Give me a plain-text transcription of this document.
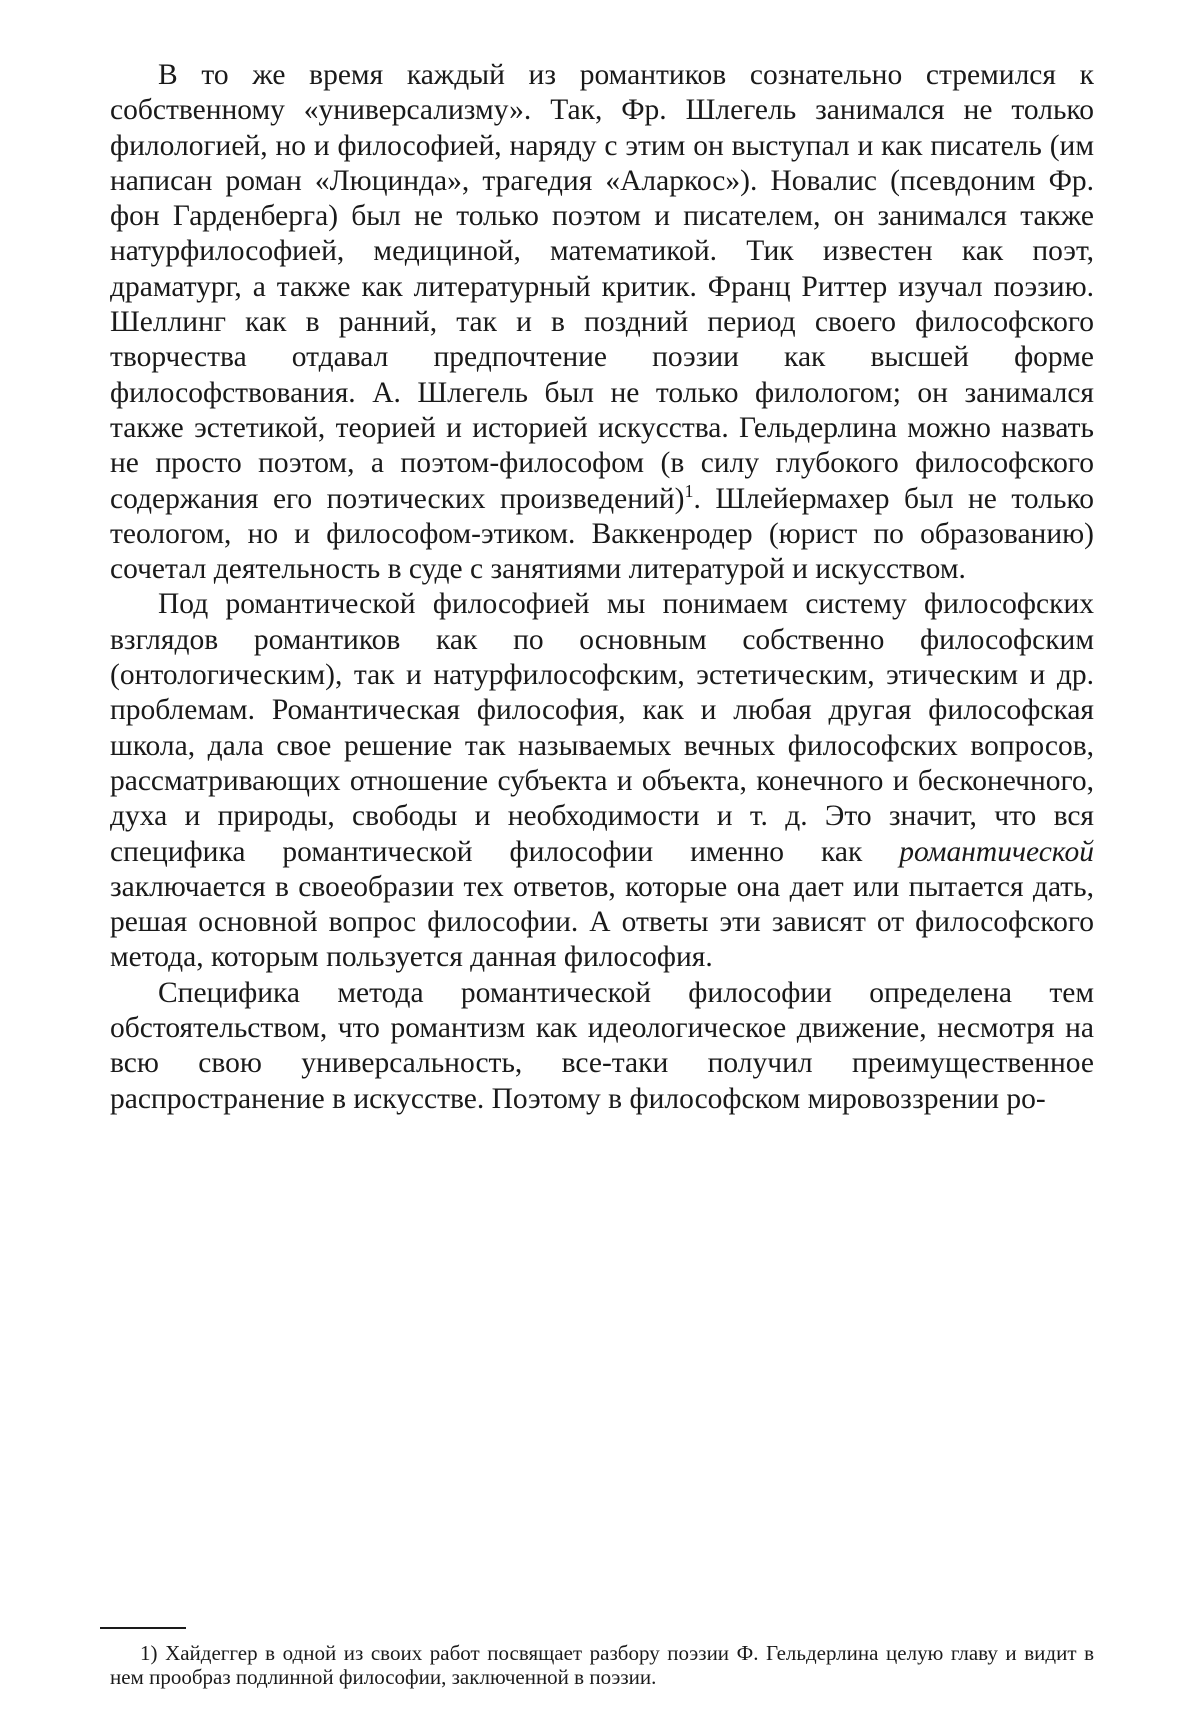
В то же время каждый из романтиков сознательно стремился к собственному «универсализму». Так, Фр. Шлегель занимался не только филологией, но и философией, наряду с этим он выступал и как писатель (им написан роман «Люцинда», трагедия «Аларкос»). Новалис (псевдоним Фр. фон Гарденберга) был не только поэтом и писателем, он занимался также натурфилософией, медициной, математикой. Тик известен как поэт, драматург, а также как литературный критик. Франц Риттер изучал поэзию. Шеллинг как в ранний, так и в поздний период своего философского творчества отдавал предпочтение поэзии как высшей форме философствования. А. Шлегель был не только филологом; он занимался также эстетикой, теорией и историей искусства. Гельдерлина можно назвать не просто поэтом, а поэтом-философом (в силу глубокого философского содержания его поэтических произведений)$^1$. Шлейермахер был не только теологом, но и философом-этиком. Ваккенродер (юрист по образованию) сочетал деятельность в суде с занятиями литературой и искусством.

Под романтической философией мы понимаем систему философских взглядов романтиков как по основным собственно философским (онтологическим), так и натурфилософским, эстетическим, этическим и др. проблемам. Романтическая философия, как и любая другая философская школа, дала свое решение так называемых вечных философских вопросов, рассматривающих отношение субъекта и объекта, конечного и бесконечного, духа и природы, свободы и необходимости и т. д. Это значит, что вся специфика романтической философии именно как романтической заключается в своеобразии тех ответов, которые она дает или пытается дать, решая основной вопрос философии. А ответы эти зависят от философского метода, которым пользуется данная философия.

Специфика метода романтической философии определена тем обстоятельством, что романтизм как идеологическое движение, несмотря на всю свою универсальность, все-таки получил преимущественное распространение в искусстве. Поэтому в философском мировоззрении ро-

1) Хайдеггер в одной из своих работ посвящает разбору поэзии Ф. Гельдерлина целую главу и видит в нем прообраз подлинной философии, заключенной в поэзии.
